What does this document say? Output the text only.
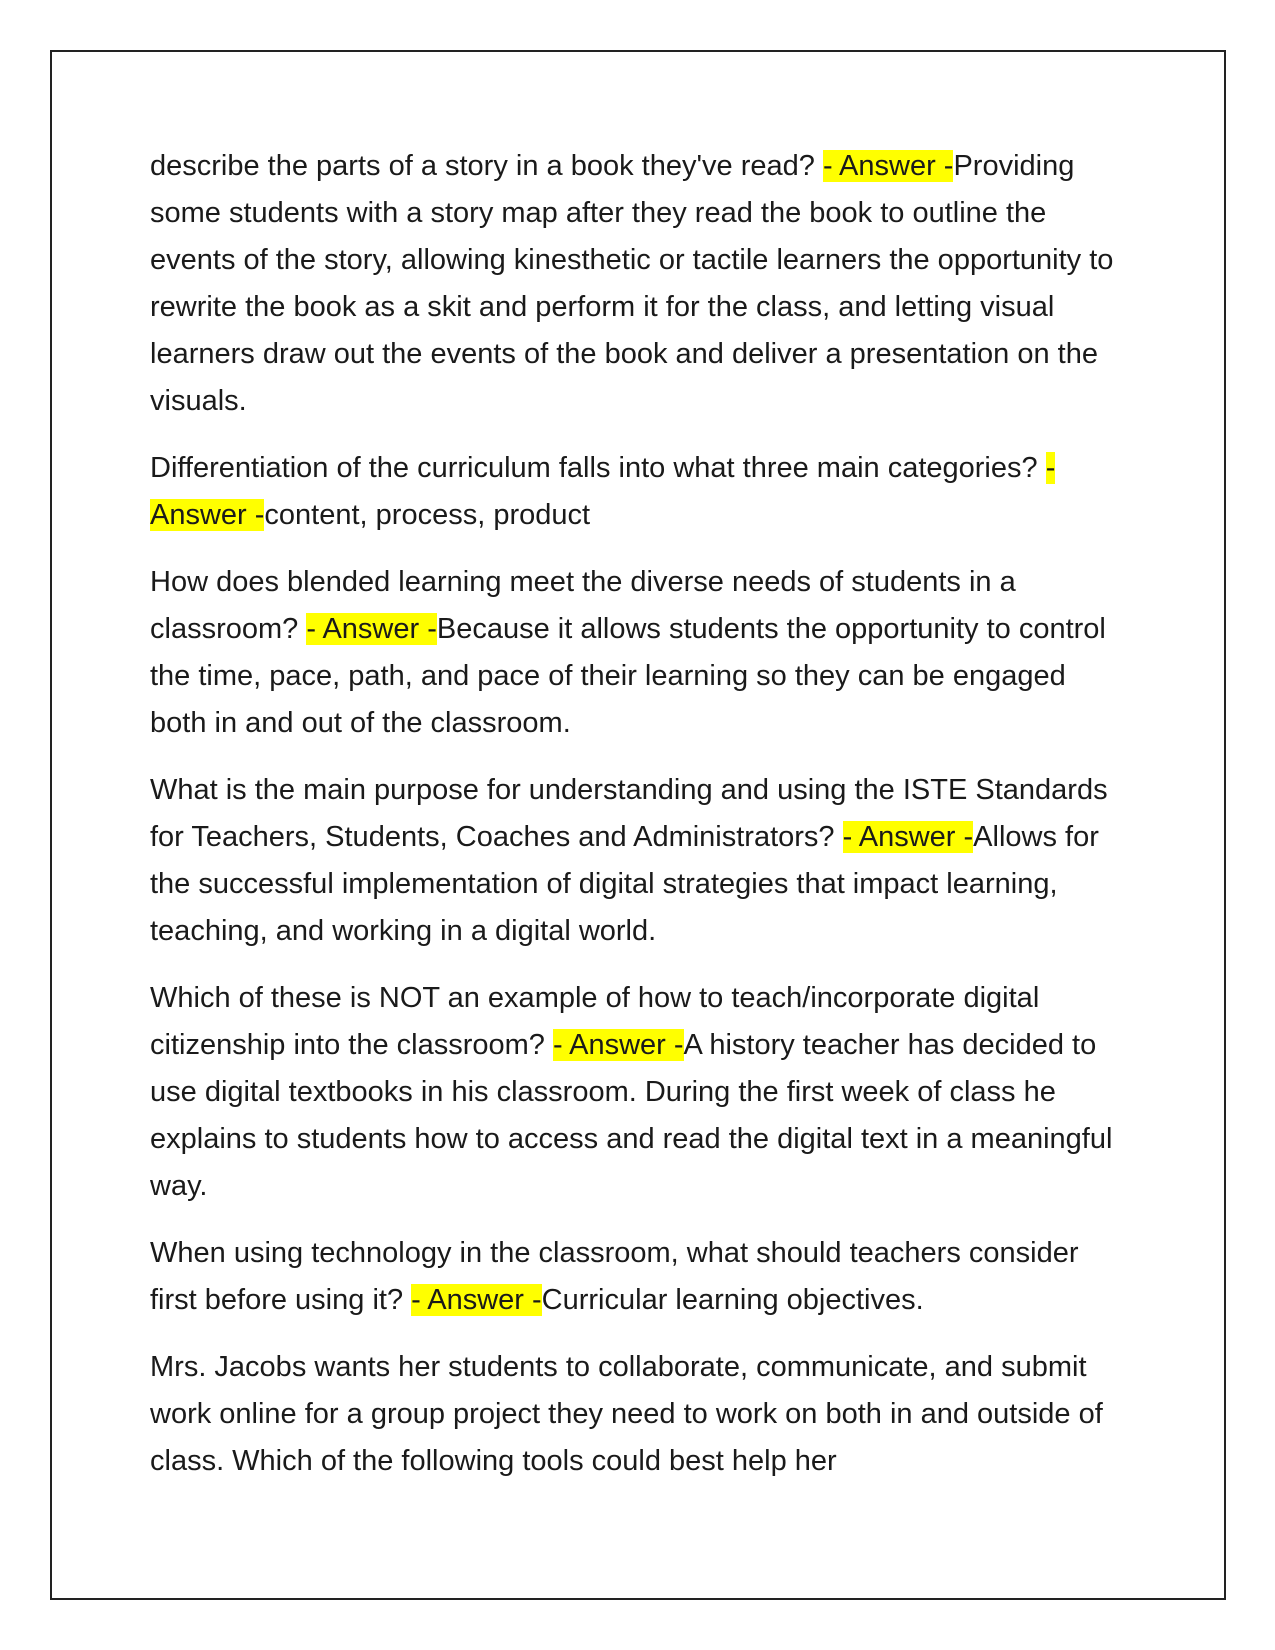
describe the parts of a story in a book they've read? - Answer -Providing some students with a story map after they read the book to outline the events of the story, allowing kinesthetic or tactile learners the opportunity to rewrite the book as a skit and perform it for the class, and letting visual learners draw out the events of the book and deliver a presentation on the visuals.

Differentiation of the curriculum falls into what three main categories? - Answer -content, process, product

How does blended learning meet the diverse needs of students in a classroom? - Answer -Because it allows students the opportunity to control the time, pace, path, and pace of their learning so they can be engaged both in and out of the classroom.

What is the main purpose for understanding and using the ISTE Standards for Teachers, Students, Coaches and Administrators? - Answer -Allows for the successful implementation of digital strategies that impact learning, teaching, and working in a digital world.

Which of these is NOT an example of how to teach/incorporate digital citizenship into the classroom? - Answer -A history teacher has decided to use digital textbooks in his classroom. During the first week of class he explains to students how to access and read the digital text in a meaningful way.

When using technology in the classroom, what should teachers consider first before using it? - Answer -Curricular learning objectives.

Mrs. Jacobs wants her students to collaborate, communicate, and submit work online for a group project they need to work on both in and outside of class. Which of the following tools could best help her
